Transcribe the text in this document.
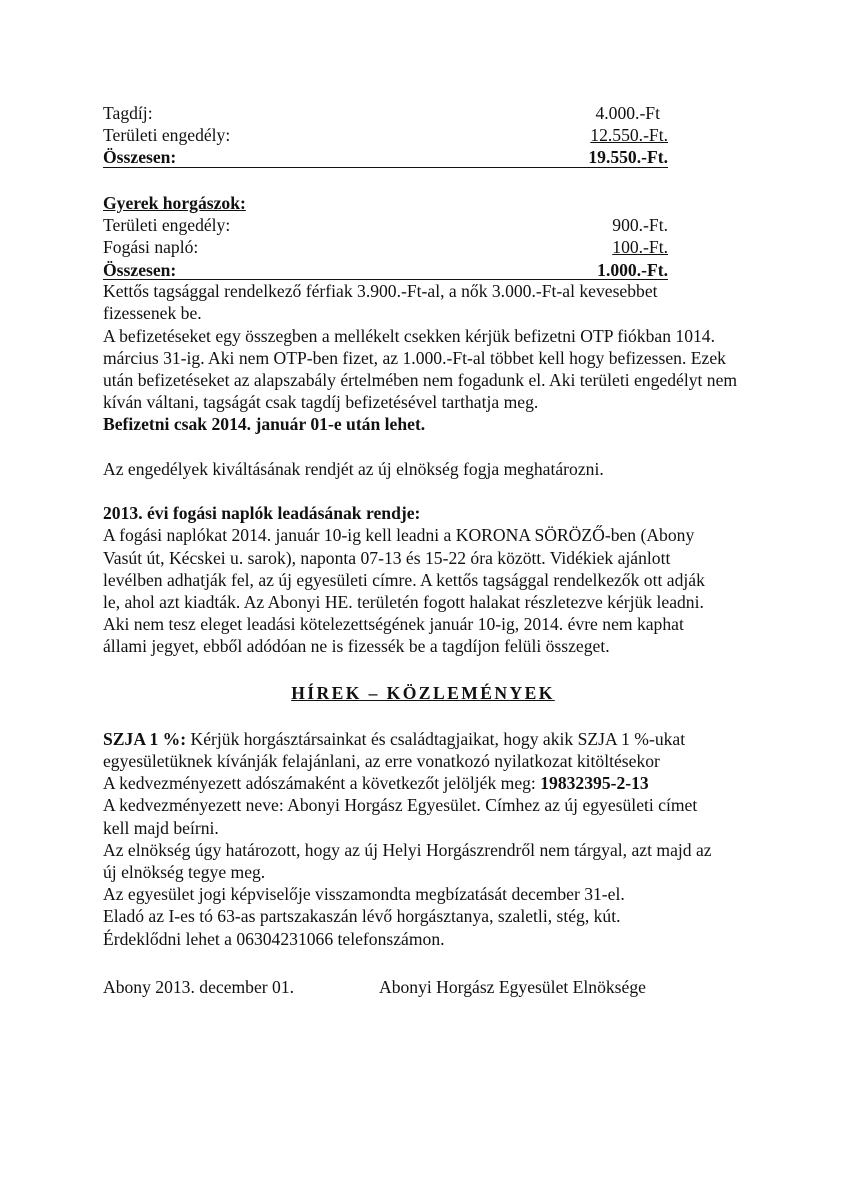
Tagdíj:	4.000.-Ft
Területi engedély:	12.550.-Ft.
Összesen:	19.550.-Ft.
Gyerek horgászok:
Területi engedély:	900.-Ft.
Fogási napló:	100.-Ft.
Összesen:	1.000.-Ft.

Kettős tagsággal rendelkező férfiak 3.900.-Ft-al, a nők 3.000.-Ft-al kevesebbet fizessenek be.

A befizetéseket egy összegben a mellékelt csekken kérjük befizetni OTP fiókban 1014. március 31-ig. Aki nem OTP-ben fizet, az 1.000.-Ft-al többet kell hogy befizessen. Ezek után befizetéseket az alapszabály értelmében nem fogadunk el. Aki területi engedélyt nem kíván váltani, tagságát csak tagdíj befizetésével tarthatja meg.

Befizetni csak 2014. január 01-e után lehet.

Az engedélyek kiváltásának rendjét az új elnökség fogja meghatározni.

2013. évi fogási naplók leadásának rendje:

A fogási naplókat 2014. január 10-ig kell leadni a KORONA SÖRÖZŐ-ben (Abony Vasút út, Kécskei u. sarok), naponta 07-13 és 15-22 óra között. Vidékiek ajánlott levélben adhatják fel, az új egyesületi címre. A kettős tagsággal rendelkezők ott adják le, ahol azt kiadták. Az Abonyi HE. területén fogott halakat részletezve kérjük leadni. Aki nem tesz eleget leadási kötelezettségének január 10-ig, 2014. évre nem kaphat állami jegyet, ebből adódóan ne is fizessék be a tagdíjon felüli összeget.

HÍREK – KÖZLEMÉNYEK

SZJA 1 %: Kérjük horgásztársainkat és családtagjaikat, hogy akik SZJA 1 %-ukat egyesületüknek kívánják felajánlani, az erre vonatkozó nyilatkozat kitöltésekor

A kedvezményezett adószámaként a következőt jelöljék meg: 19832395-2-13

A kedvezményezett neve: Abonyi Horgász Egyesület. Címhez az új egyesületi címet kell majd beírni.

Az elnökség úgy határozott, hogy az új Helyi Horgászrendről nem tárgyal, azt majd az új elnökség tegye meg.

Az egyesület jogi képviselője visszamondta megbízatását december 31-el.

Eladó az I-es tó 63-as partszakaszán lévő horgásztanya, szaletli, stég, kút.

Érdeklődni lehet a 06304231066 telefonszámon.

Abony 2013. december 01.	Abonyi Horgász Egyesület Elnöksége
